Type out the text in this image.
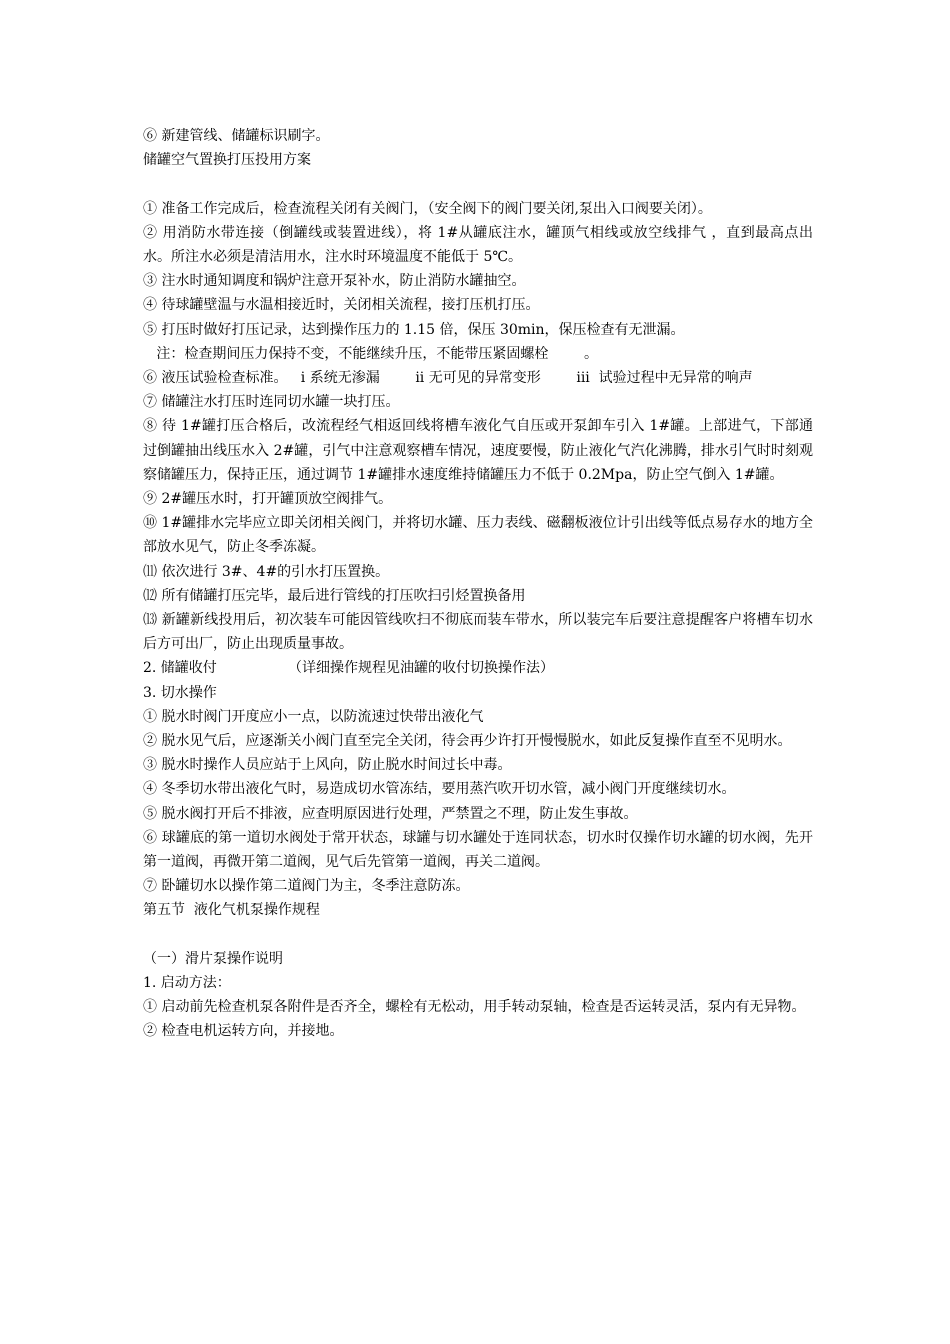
⑥ 新建管线、储罐标识刷字。

储罐空气置换打压投用方案

① 准备工作完成后，检查流程关闭有关阀门，（安全阀下的阀门要关闭,泵出入口阀要关闭）。

② 用消防水带连接（倒罐线或装置进线），将 1#从罐底注水，罐顶气相线或放空线排气 ，直到最高点出水。所注水必须是清洁用水，注水时环境温度不能低于 5℃。

③ 注水时通知调度和锅炉注意开泵补水，防止消防水罐抽空。

④ 待球罐壁温与水温相接近时，关闭相关流程，接打压机打压。

⑤ 打压时做好打压记录，达到操作压力的 1.15 倍，保压 30min，保压检查有无泄漏。

注：检查期间压力保持不变，不能继续升压，不能带压紧固螺栓        。

⑥ 液压试验检查标准。   i 系统无渗漏        ii 无可见的异常变形        iii  试验过程中无异常的响声

⑦ 储罐注水打压时连同切水罐一块打压。

⑧ 待 1#罐打压合格后，改流程经气相返回线将槽车液化气自压或开泵卸车引入 1#罐。上部进气，下部通过倒罐抽出线压水入 2#罐，引气中注意观察槽车情况，速度要慢，防止液化气汽化沸腾，排水引气时时刻观察储罐压力，保持正压，通过调节 1#罐排水速度维持储罐压力不低于 0.2Mpa，防止空气倒入 1#罐。

⑨ 2#罐压水时，打开罐顶放空阀排气。

⑩ 1#罐排水完毕应立即关闭相关阀门，并将切水罐、压力表线、磁翻板液位计引出线等低点易存水的地方全部放水见气，防止冬季冻凝。

⑾ 依次进行 3#、4#的引水打压置换。

⑿ 所有储罐打压完毕，最后进行管线的打压吹扫引烃置换备用

⒀ 新罐新线投用后，初次装车可能因管线吹扫不彻底而装车带水，所以装完车后要注意提醒客户将槽车切水后方可出厂，防止出现质量事故。

2. 储罐收付                （详细操作规程见油罐的收付切换操作法）

3. 切水操作

① 脱水时阀门开度应小一点，以防流速过快带出液化气

② 脱水见气后，应逐渐关小阀门直至完全关闭，待会再少许打开慢慢脱水，如此反复操作直至不见明水。

③ 脱水时操作人员应站于上风向，防止脱水时间过长中毒。

④ 冬季切水带出液化气时，易造成切水管冻结，要用蒸汽吹开切水管，减小阀门开度继续切水。

⑤ 脱水阀打开后不排液，应查明原因进行处理，严禁置之不理，防止发生事故。

⑥ 球罐底的第一道切水阀处于常开状态，球罐与切水罐处于连同状态，切水时仅操作切水罐的切水阀，先开第一道阀，再微开第二道阀，见气后先管第一道阀，再关二道阀。

⑦ 卧罐切水以操作第二道阀门为主，冬季注意防冻。

第五节  液化气机泵操作规程

（一）滑片泵操作说明

1. 启动方法：

① 启动前先检查机泵各附件是否齐全，螺栓有无松动，用手转动泵轴，检查是否运转灵活，泵内有无异物。

② 检查电机运转方向，并接地。
